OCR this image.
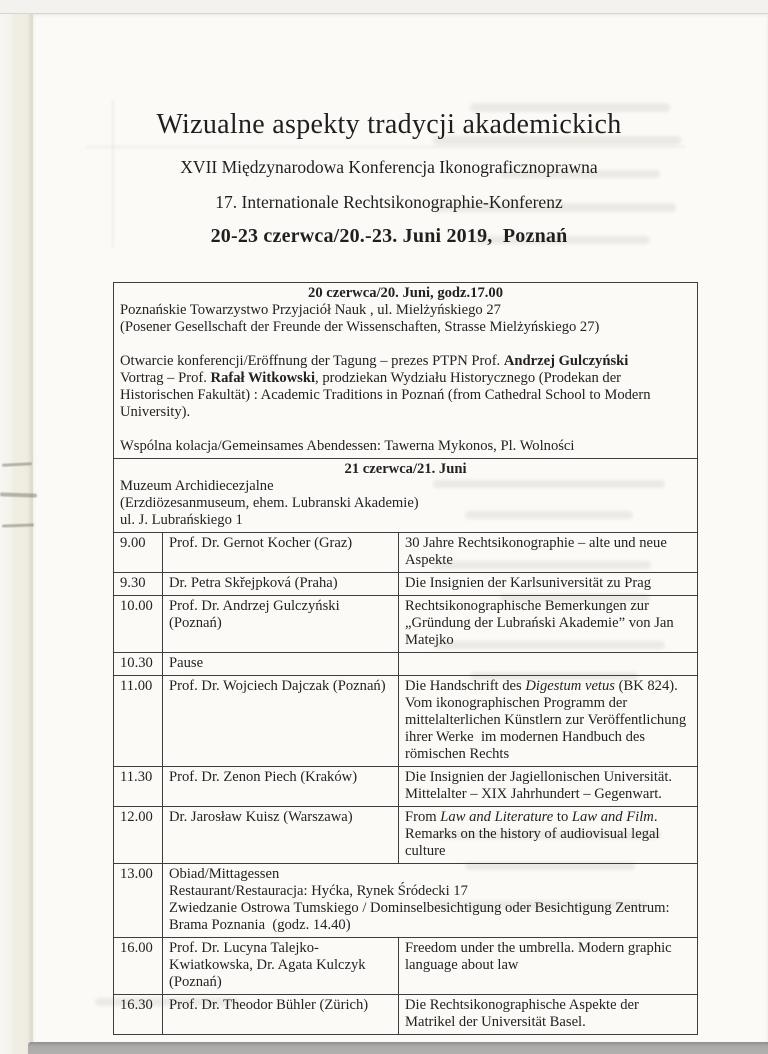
Wizualne aspekty tradycji akademickich
XVII Międzynarodowa Konferencja Ikonograficznoprawna
17. Internationale Rechtsikonographie-Konferenz
20-23 czerwca/20.-23. Juni 2019,  Poznań
20 czerwca/20. Juni, godz.17.00
Poznańskie Towarzystwo Przyjaciół Nauk , ul. Mielżyńskiego 27
(Posener Gesellschaft der Freunde der Wissenschaften, Strasse Mielżyńskiego 27)
Otwarcie konferencji/Eröffnung der Tagung – prezes PTPN Prof. Andrzej Gulczyński
Vortrag – Prof. Rafał Witkowski, prodziekan Wydziału Historycznego (Prodekan der Historischen Fakultät) : Academic Traditions in Poznań (from Cathedral School to Modern University).
Wspólna kolacja/Gemeinsames Abendessen: Tawerna Mykonos, Pl. Wolności

21 czerwca/21. Juni
Muzeum Archidiecezjalne
(Erzdiözesanmuseum, ehem. Lubranski Akademie)
ul. J. Lubrańskiego 1		

9.00	Prof. Dr. Gernot Kocher (Graz)	30 Jahre Rechtsikonographie – alte und neue Aspekte
9.30	Dr. Petra Skřejpková (Praha)	Die Insignien der Karlsuniversität zu Prag
10.00	Prof. Dr. Andrzej Gulczyński (Poznań)	Rechtsikonographische Bemerkungen zur „Gründung der Lubrański Akademie” von Jan Matejko
10.30	Pause	
11.00	Prof. Dr. Wojciech Dajczak (Poznań)	Die Handschrift des Digestum vetus (BK 824). Vom ikonographischen Programm der mittelalterlichen Künstlern zur Veröffentlichung ihrer Werke  im modernen Handbuch des römischen Rechts
11.30	Prof. Dr. Zenon Piech (Kraków)	Die Insignien der Jagiellonischen Universität. Mittelalter – XIX Jahrhundert – Gegenwart.
12.00	Dr. Jarosław Kuisz (Warszawa)	From Law and Literature to Law and Film. Remarks on the history of audiovisual legal culture
13.00	Obiad/Mittagessen
Restaurant/Restauracja: Hyćka, Rynek Śródecki 17
Zwiedzanie Ostrowa Tumskiego / Dominselbesichtigung oder Besichtigung Zentrum:
Brama Poznania  (godz. 14.40)	

16.00	Prof. Dr. Lucyna Talejko-Kwiatkowska, Dr. Agata Kulczyk (Poznań)	Freedom under the umbrella. Modern graphic language about law
16.30	Prof. Dr. Theodor Bühler (Zürich)	Die Rechtsikonographische Aspekte der Matrikel der Universität Basel.
